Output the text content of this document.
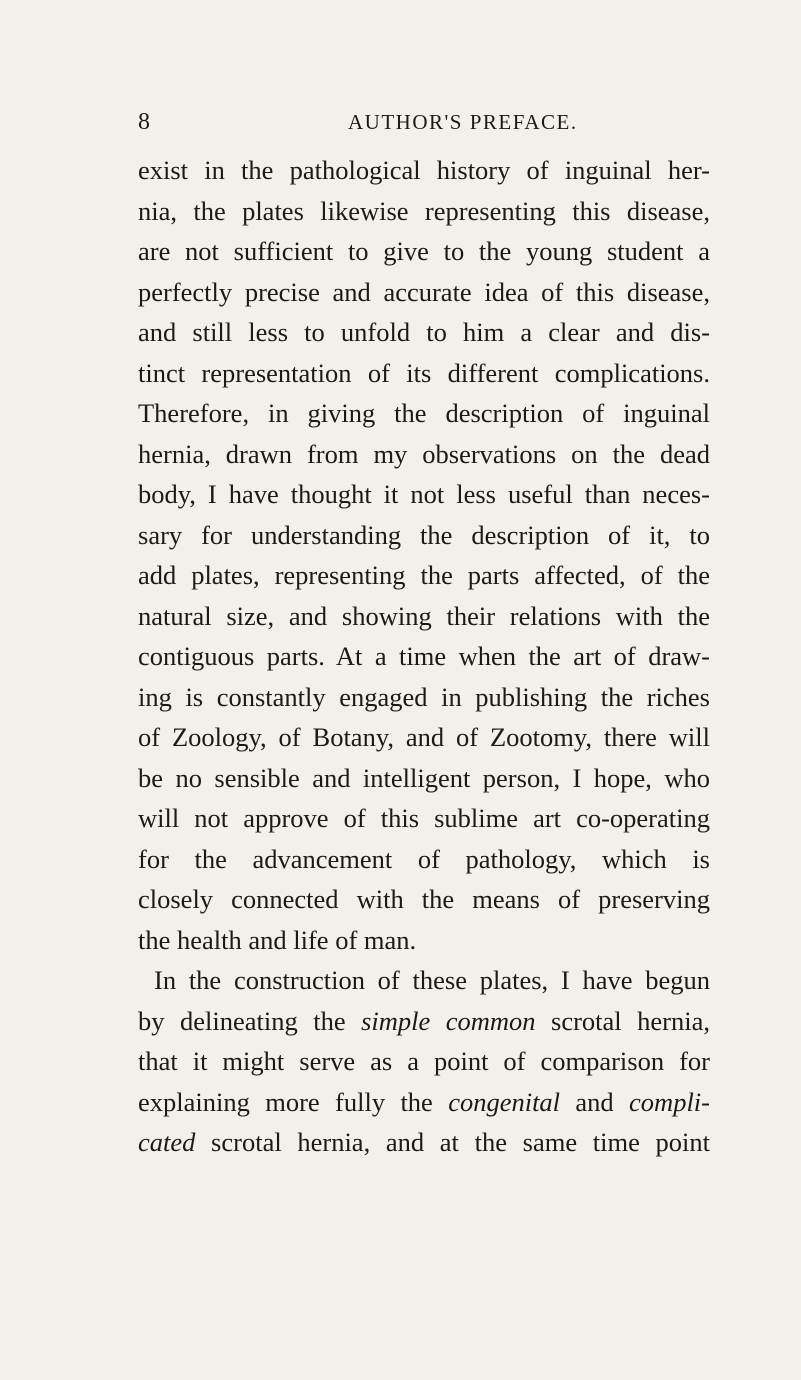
8	AUTHOR'S PREFACE.
exist in the pathological history of inguinal her-
nia, the plates likewise representing this disease,
are not sufficient to give to the young student a
perfectly precise and accurate idea of this disease,
and still less to unfold to him a clear and dis-
tinct representation of its different complications.
Therefore, in giving the description of inguinal
hernia, drawn from my observations on the dead
body, I have thought it not less useful than neces-
sary for understanding the description of it, to
add plates, representing the parts affected, of the
natural size, and showing their relations with the
contiguous parts. At a time when the art of draw-
ing is constantly engaged in publishing the riches
of Zoology, of Botany, and of Zootomy, there will
be no sensible and intelligent person, I hope, who
will not approve of this sublime art co-operating
for the advancement of pathology, which is
closely connected with the means of preserving
the health and life of man.
In the construction of these plates, I have begun
by delineating the simple common scrotal hernia,
that it might serve as a point of comparison for
explaining more fully the congenital and compli-
cated scrotal hernia, and at the same time point
